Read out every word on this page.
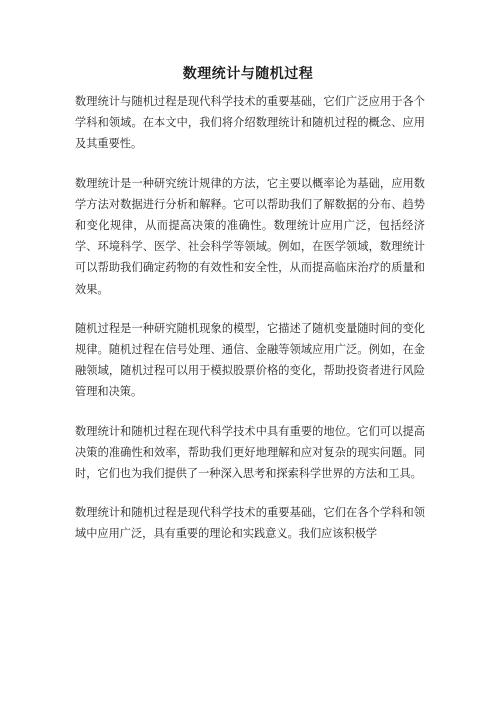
数理统计与随机过程

数理统计与随机过程是现代科学技术的重要基础，它们广泛应用于各个学科和领域。在本文中，我们将介绍数理统计和随机过程的概念、应用及其重要性。

数理统计是一种研究统计规律的方法，它主要以概率论为基础，应用数学方法对数据进行分析和解释。它可以帮助我们了解数据的分布、趋势和变化规律，从而提高决策的准确性。数理统计应用广泛，包括经济学、环境科学、医学、社会科学等领域。例如，在医学领域，数理统计可以帮助我们确定药物的有效性和安全性，从而提高临床治疗的质量和效果。

随机过程是一种研究随机现象的模型，它描述了随机变量随时间的变化规律。随机过程在信号处理、通信、金融等领域应用广泛。例如，在金融领域，随机过程可以用于模拟股票价格的变化，帮助投资者进行风险管理和决策。

数理统计和随机过程在现代科学技术中具有重要的地位。它们可以提高决策的准确性和效率，帮助我们更好地理解和应对复杂的现实问题。同时，它们也为我们提供了一种深入思考和探索科学世界的方法和工具。

数理统计和随机过程是现代科学技术的重要基础，它们在各个学科和领域中应用广泛，具有重要的理论和实践意义。我们应该积极学
